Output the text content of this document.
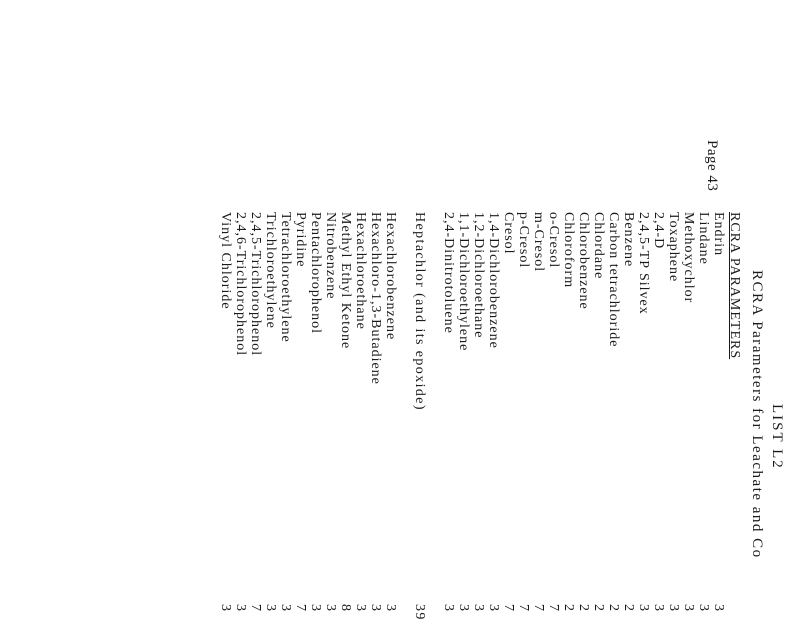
Page 43
LIST L2
RCRA Parameters for Leachate and Co
RCRA PARAMETERS
Endrin
3
Lindane
3
Methoxychlor
3
Toxaphene
3
2,4-D
3
2,4,5-TP Silvex
3
Benzene
2
Carbon tetrachloride
2
Chlordane
2
Chlorobenzene
2
Chloroform
2
o-Cresol
7
m-Cresol
7
p-Cresol
7
Cresol
7
1,4-Dichlorobenzene
3
1,2-Dichloroethane
3
1,1-Dichloroethylene
3
2,4-Dinitrotoluene
3
Heptachlor (and its epoxide)
39
Hexachlorobenzene
3
Hexachloro-1,3-Butadiene
3
Hexachloroethane
3
Methyl Ethyl Ketone
8
Nitrobenzene
3
Pentachlorophenol
3
Pyridine
7
Tetrachloroethylene
3
Trichloroethylene
3
2,4,5-Trichlorophenol
7
2,4,6-Trichlorophenol
3
Vinyl Chloride
3
